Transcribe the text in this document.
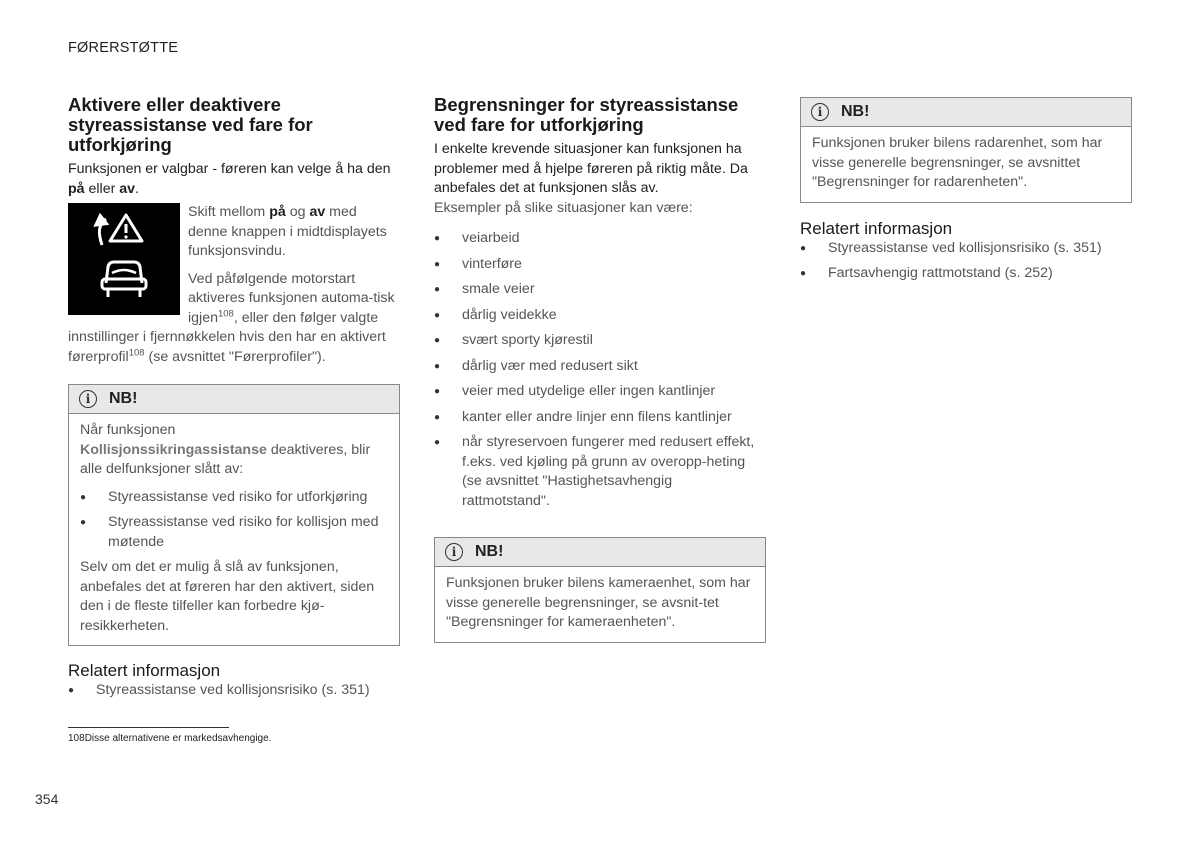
FØRERSTØTTE
Aktivere eller deaktivere styreassistanse ved fare for utforkjøring

Funksjonen er valgbar - føreren kan velge å ha den på eller av.

Skift mellom på og av med denne knappen i midtdisplayets funksjonsvindu.

Ved påfølgende motorstart aktiveres funksjonen automa-tisk igjen$^{108}$, eller den følger valgte innstillinger i fjernnøkkelen hvis den har en aktivert førerprofil$^{108}$ (se avsnittet "Førerprofiler").

i	NB!

Når funksjonen

Kollisjonssikringassistanse deaktiveres, blir alle delfunksjoner slått av:

● Styreassistanse ved risiko for utforkjøring
● Styreassistanse ved risiko for kollisjon med møtende

Selv om det er mulig å slå av funksjonen, anbefales det at føreren har den aktivert, siden den i de fleste tilfeller kan forbedre kjø-resikkerheten.

Relatert informasjon
● Styreassistanse ved kollisjonsrisiko (s. 351)
Begrensninger for styreassistanse ved fare for utforkjøring

I enkelte krevende situasjoner kan funksjonen ha problemer med å hjelpe føreren på riktig måte. Da anbefales det at funksjonen slås av.

Eksempler på slike situasjoner kan være:

● veiarbeid
● vinterføre
● smale veier
● dårlig veidekke
● svært sporty kjørestil
● dårlig vær med redusert sikt
● veier med utydelige eller ingen kantlinjer
● kanter eller andre linjer enn filens kantlinjer
● når styreservoen fungerer med redusert effekt, f.eks. ved kjøling på grunn av overopp-heting (se avsnittet "Hastighetsavhengig rattmotstand".
i	NB!

Funksjonen bruker bilens kameraenhet, som har visse generelle begrensninger, se avsnit-tet "Begrensninger for kameraenheten".

i	NB!

Funksjonen bruker bilens radarenhet, som har visse generelle begrensninger, se avsnittet "Begrensninger for radarenheten".

Relatert informasjon
● Styreassistanse ved kollisjonsrisiko (s. 351)
● Fartsavhengig rattmotstand (s. 252)
108Disse alternativene er markedsavhengige.
354
